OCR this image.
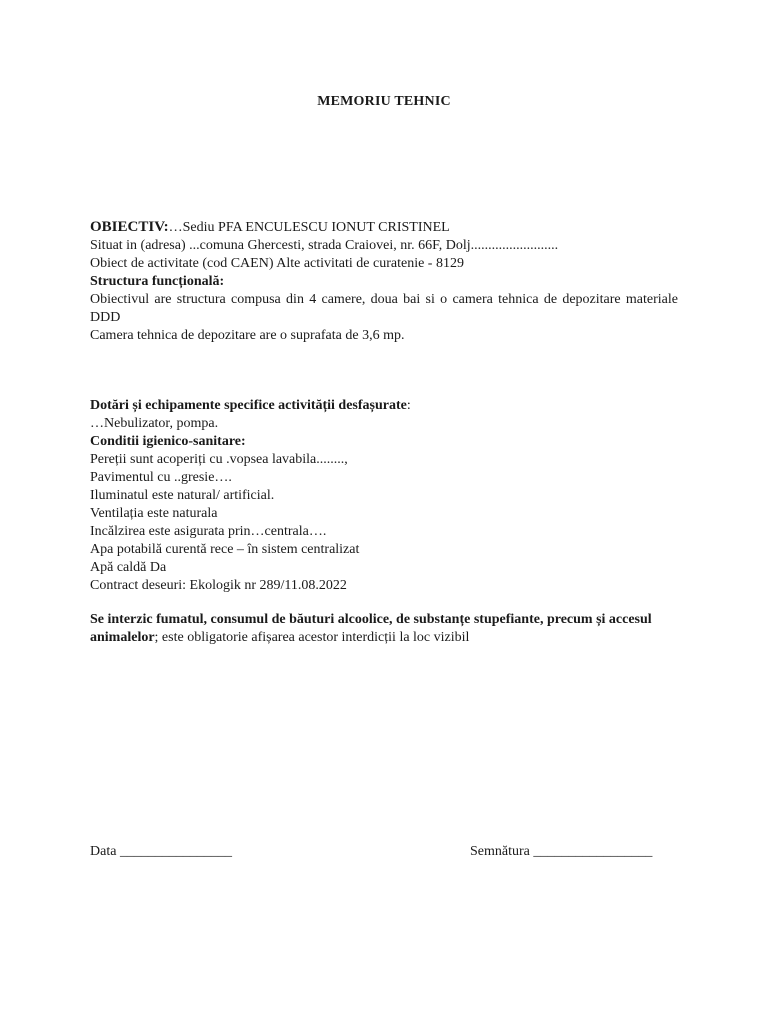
MEMORIU TEHNIC
OBIECTIV:…Sediu PFA ENCULESCU IONUT CRISTINEL
Situat in (adresa) ...comuna Ghercesti, strada Craiovei, nr. 66F, Dolj.........................
Obiect de activitate (cod CAEN) Alte activitati de curatenie - 8129
Structura funcțională:
Obiectivul are structura compusa din 4 camere, doua bai si o camera tehnica de depozitare materiale DDD
Camera tehnica de depozitare are o suprafata de 3,6 mp.
Dotări și echipamente specifice activității desfașurate:
…Nebulizator, pompa.
Conditii igienico-sanitare:
Pereții sunt acoperiți cu .vopsea lavabila........,
Pavimentul cu ..gresie….
Iluminatul este natural/ artificial.
Ventilația este naturala
Incălzirea este asigurata prin…centrala….
Apa potabilă curentă rece – în sistem centralizat
Apă caldă Da
Contract deseuri: Ekologik nr 289/11.08.2022
Se interzic fumatul, consumul de băuturi alcoolice, de substanțe stupefiante, precum și accesul animalelor; este obligatorie afișarea acestor interdicții la loc vizibil
Data ________________	Semnătura _________________
